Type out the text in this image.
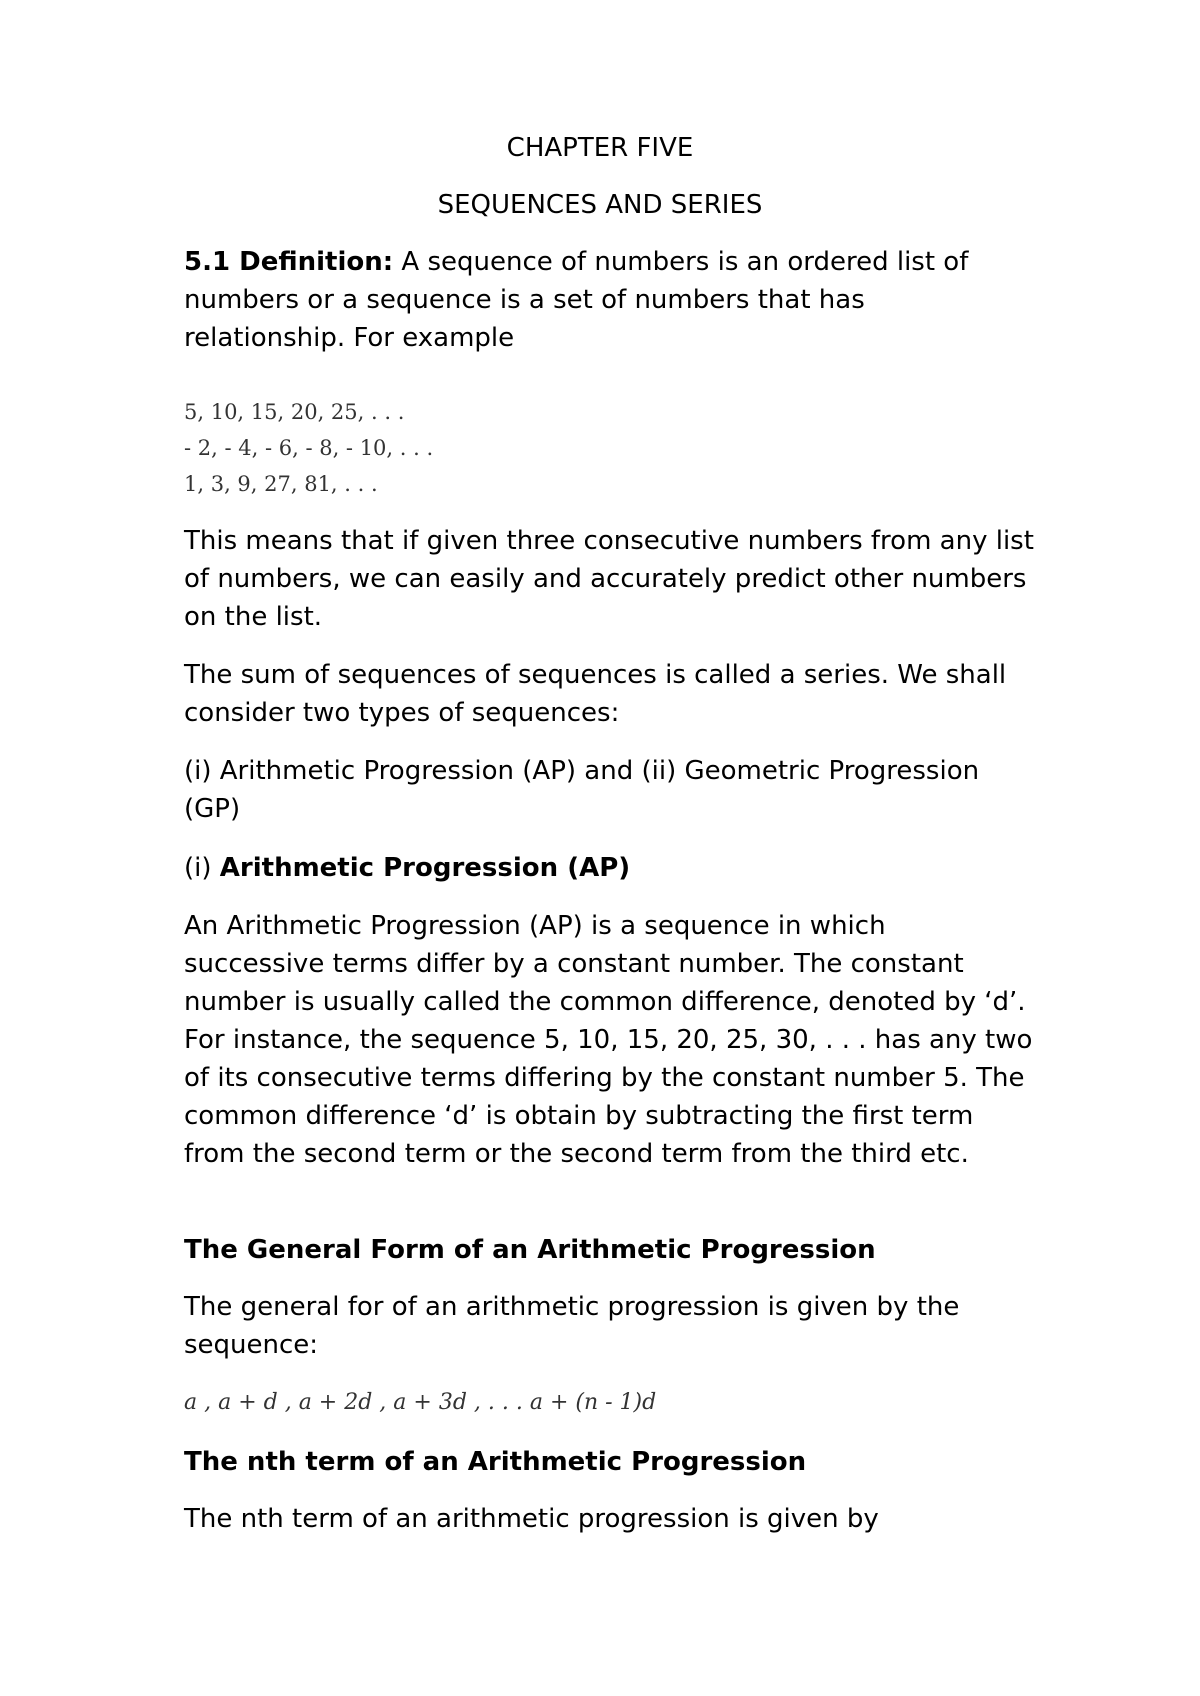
CHAPTER FIVE

SEQUENCES AND SERIES

5.1 Definition: A sequence of numbers is an ordered list of numbers or a sequence is a set of numbers that has relationship. For example

5, 10, 15, 20, 25, . . .

- 2, - 4, - 6, - 8, - 10, . . .

1, 3, 9, 27, 81, . . .

This means that if given three consecutive numbers from any list of numbers, we can easily and accurately predict other numbers on the list.

The sum of sequences of sequences is called a series. We shall consider two types of sequences:

(i) Arithmetic Progression (AP) and (ii) Geometric Progression (GP)

(i) Arithmetic Progression (AP)

An Arithmetic Progression (AP) is a sequence in which successive terms differ by a constant number. The constant number is usually called the common difference, denoted by ‘d’. For instance, the sequence 5, 10, 15, 20, 25, 30, . . . has any two of its consecutive terms differing by the constant number 5. The common difference ‘d’ is obtain by subtracting the first term from the second term or the second term from the third etc.

The General Form of an Arithmetic Progression

The general for of an arithmetic progression is given by the sequence:

a , a + d , a + 2d , a + 3d , . . . a + (n - 1)d

The nth term of an Arithmetic Progression

The nth term of an arithmetic progression is given by
